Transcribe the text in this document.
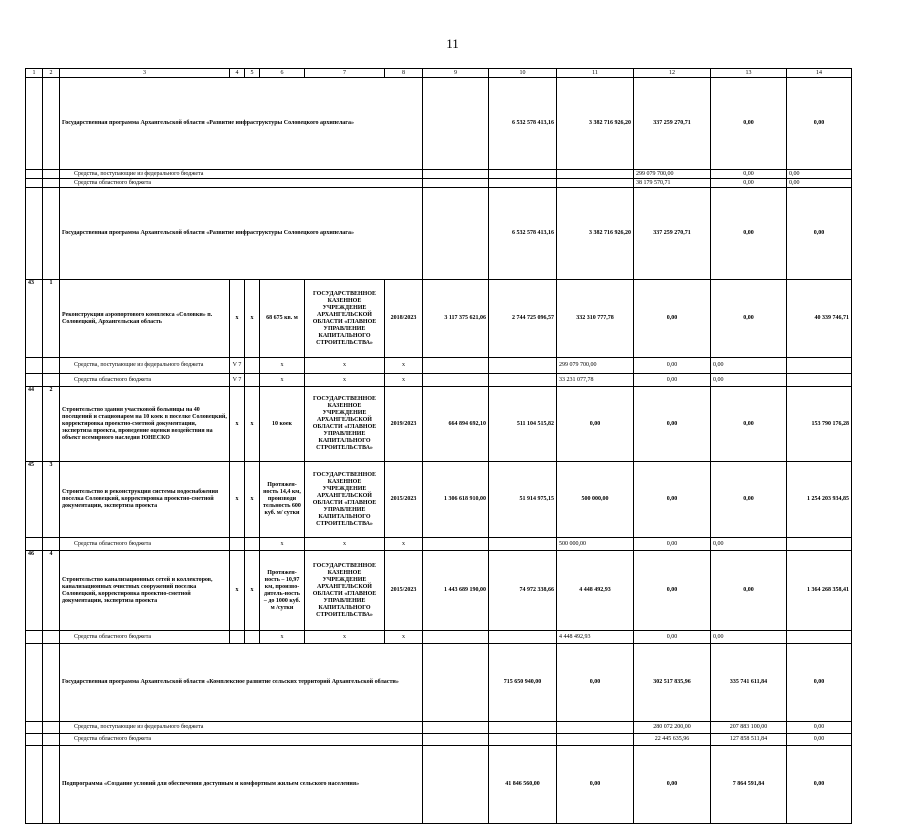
11
1	2	3	4	5	6	7	8	9	10	11	12	13	14	
		Государственная программа Архангельской области «Развитие инфраструктуры Соловецкого архипелага»							6 532 578 413,16	3 382 716 926,20	337 259 270,71	0,00	0,00	
		Средства, поступающие из федерального бюджета									299 079 700,00	0,00	0,00	
		Средства областного бюджета									38 179 570,71	0,00	0,00	
		Государственная программа Архангельской области «Развитие инфраструктуры Соловецкого архипелага»							6 532 578 413,16	3 382 716 926,20	337 259 270,71	0,00	0,00	
43	1	Реконструкция аэропортового комплекса «Соловки» п. Соловецкий, Архангельская область	х	х	68 675 кв. м	ГОСУДАРСТВЕННОЕ КАЗЕННОЕ УЧРЕЖДЕНИЕ АРХАНГЕЛЬСКОЙ ОБЛАСТИ «ГЛАВНОЕ УПРАВЛЕНИЕ КАПИТАЛЬНОГО СТРОИТЕЛЬСТВА»	2018/2023	3 117 375 621,06	2 744 725 096,57	332 310 777,78	0,00	0,00	40 339 746,71	
		Средства, поступающие из федерального бюджета	V 7		х	х	х			299 079 700,00	0,00	0,00		
		Средства областного бюджета	V 7		х	х	х			33 231 077,78	0,00	0,00		
44	2	Строительство здания участковой больницы на 40 посещений и стационаром на 10 коек в поселке Соловецкий, корректировка проектно-сметной документации, экспертиза проекта, проведение оценки воздействия на объект всемирного наследия ЮНЕСКО	х	х	10 коек	ГОСУДАРСТВЕННОЕ КАЗЕННОЕ УЧРЕЖДЕНИЕ АРХАНГЕЛЬСКОЙ ОБЛАСТИ «ГЛАВНОЕ УПРАВЛЕНИЕ КАПИТАЛЬНОГО СТРОИТЕЛЬСТВА»	2019/2023	664 894 692,10	511 104 515,82	0,00	0,00	0,00	153 790 176,28	
45	3	Строительство и реконструкция системы водоснабжения поселка Соловецкий, корректировка проектно-сметной документации, экспертиза проекта	х	х	Протяжен-ность 14,4 км, производи тельность 600 куб. м/ сутки	ГОСУДАРСТВЕННОЕ КАЗЕННОЕ УЧРЕЖДЕНИЕ АРХАНГЕЛЬСКОЙ ОБЛАСТИ «ГЛАВНОЕ УПРАВЛЕНИЕ КАПИТАЛЬНОГО СТРОИТЕЛЬСТВА»	2015/2023	1 306 618 910,00	51 914 975,15	500 000,00	0,00	0,00	1 254 203 934,85	
		Средства областного бюджета			х	х	х			500 000,00	0,00	0,00		
46	4	Строительство канализационных сетей и коллекторов, канализационных очистных сооружений поселка Соловецкий, корректировка проектно-сметной документации, экспертиза проекта	х	х	Протяжен-ность – 10,97 км, произво-дитель-ность – до 1000 куб. м /сутки	ГОСУДАРСТВЕННОЕ КАЗЕННОЕ УЧРЕЖДЕНИЕ АРХАНГЕЛЬСКОЙ ОБЛАСТИ «ГЛАВНОЕ УПРАВЛЕНИЕ КАПИТАЛЬНОГО СТРОИТЕЛЬСТВА»	2015/2023	1 443 689 190,00	74 972 338,66	4 448 492,93	0,00	0,00	1 364 268 358,41	
		Средства областного бюджета			х	х	х			4 448 492,93	0,00	0,00		
		Государственная программа Архангельской области «Комплексное развитие сельских территорий Архангельской области»							715 650 940,00	0,00	302 517 835,96	335 741 611,84	0,00	
		Средства, поступающие из федерального бюджета									280 072 200,00	207 883 100,00	0,00	
		Средства областного бюджета									22 445 635,96	127 858 511,84	0,00	
		Подпрограмма «Создание условий для обеспечения доступным и комфортным жильем сельского населения»							41 846 560,00	0,00	0,00	7 864 591,84	0,00	
